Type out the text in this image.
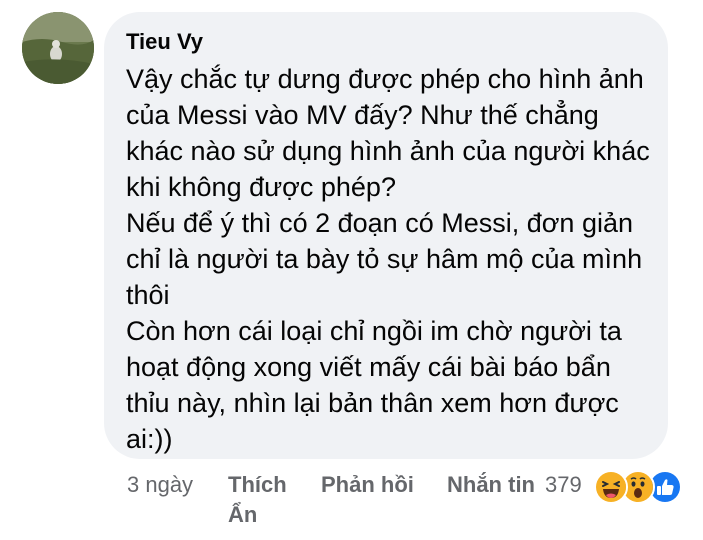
Tieu Vy
Vậy chắc tự dưng được phép cho hình ảnh
của Messi vào MV đấy? Như thế chẳng
khác nào sử dụng hình ảnh của người khác
khi không được phép?
Nếu để ý thì có 2 đoạn có Messi, đơn giản
chỉ là người ta bày tỏ sự hâm mộ của mình
thôi
Còn hơn cái loại chỉ ngồi im chờ người ta
hoạt động xong viết mấy cái bài báo bẩn
thỉu này, nhìn lại bản thân xem hơn được
ai:))
3 ngày Thích
Ẩn
Phản hồi Nhắn tin 379
